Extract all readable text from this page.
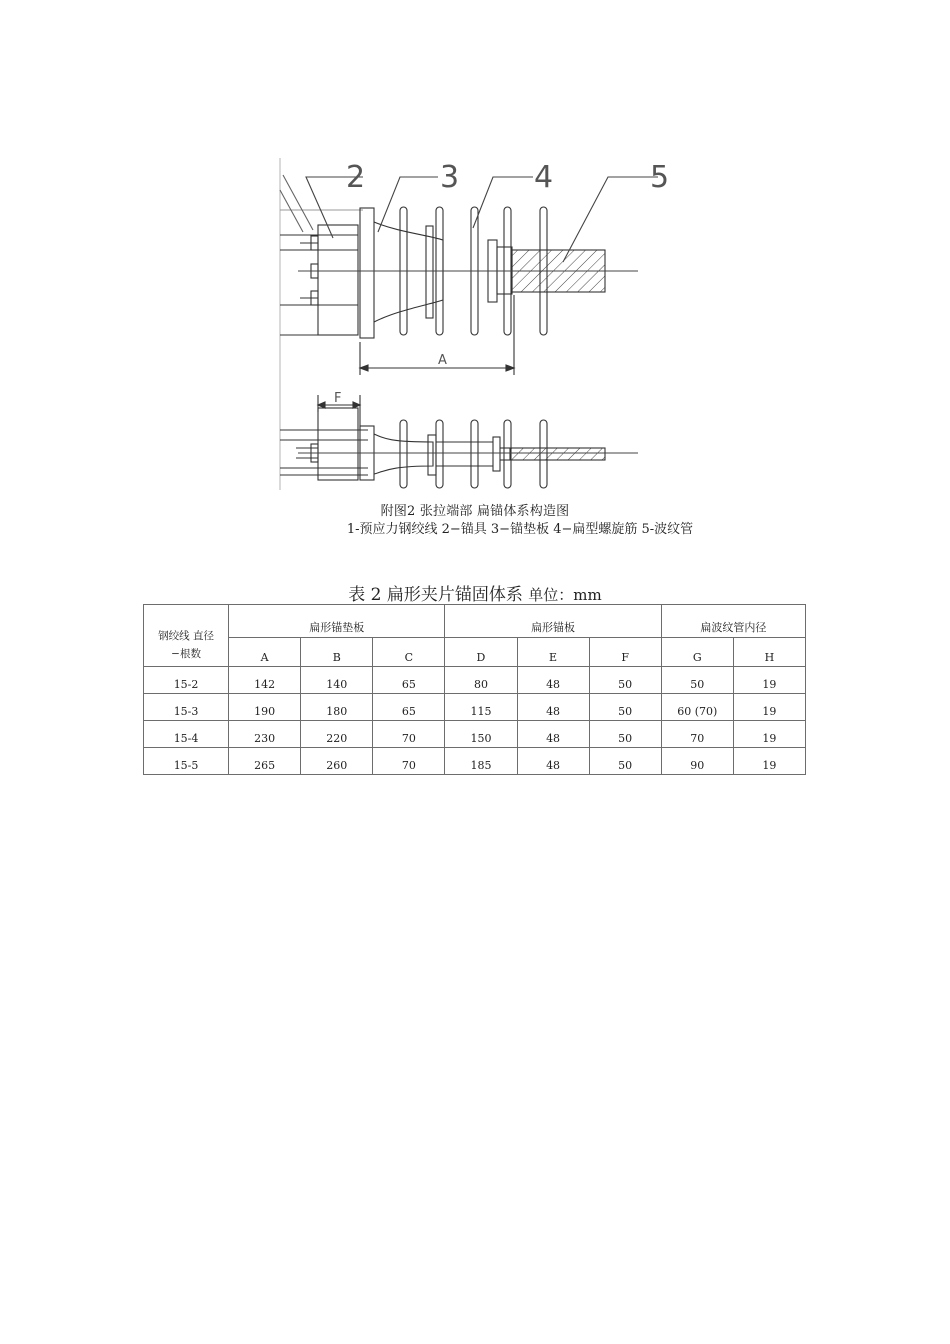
2 3 4	5
A
F
附图2 张拉端部 扁锚体系构造图
1-预应力钢绞线 2−锚具 3−锚垫板 4−扁型螺旋筋 5-波纹管
表 2 扁形夹片锚固体系 单位：mm
钢绞线 直径−根数	扁形锚垫板			扁形锚板			扁波纹管内径	
	A	B	C	D	E	F	G	H
15-2	142	140	65	80	48	50	50	19
15-3	190	180	65	115	48	50	60 (70)	19
15-4	230	220	70	150	48	50	70	19
15-5	265	260	70	185	48	50	90	19
